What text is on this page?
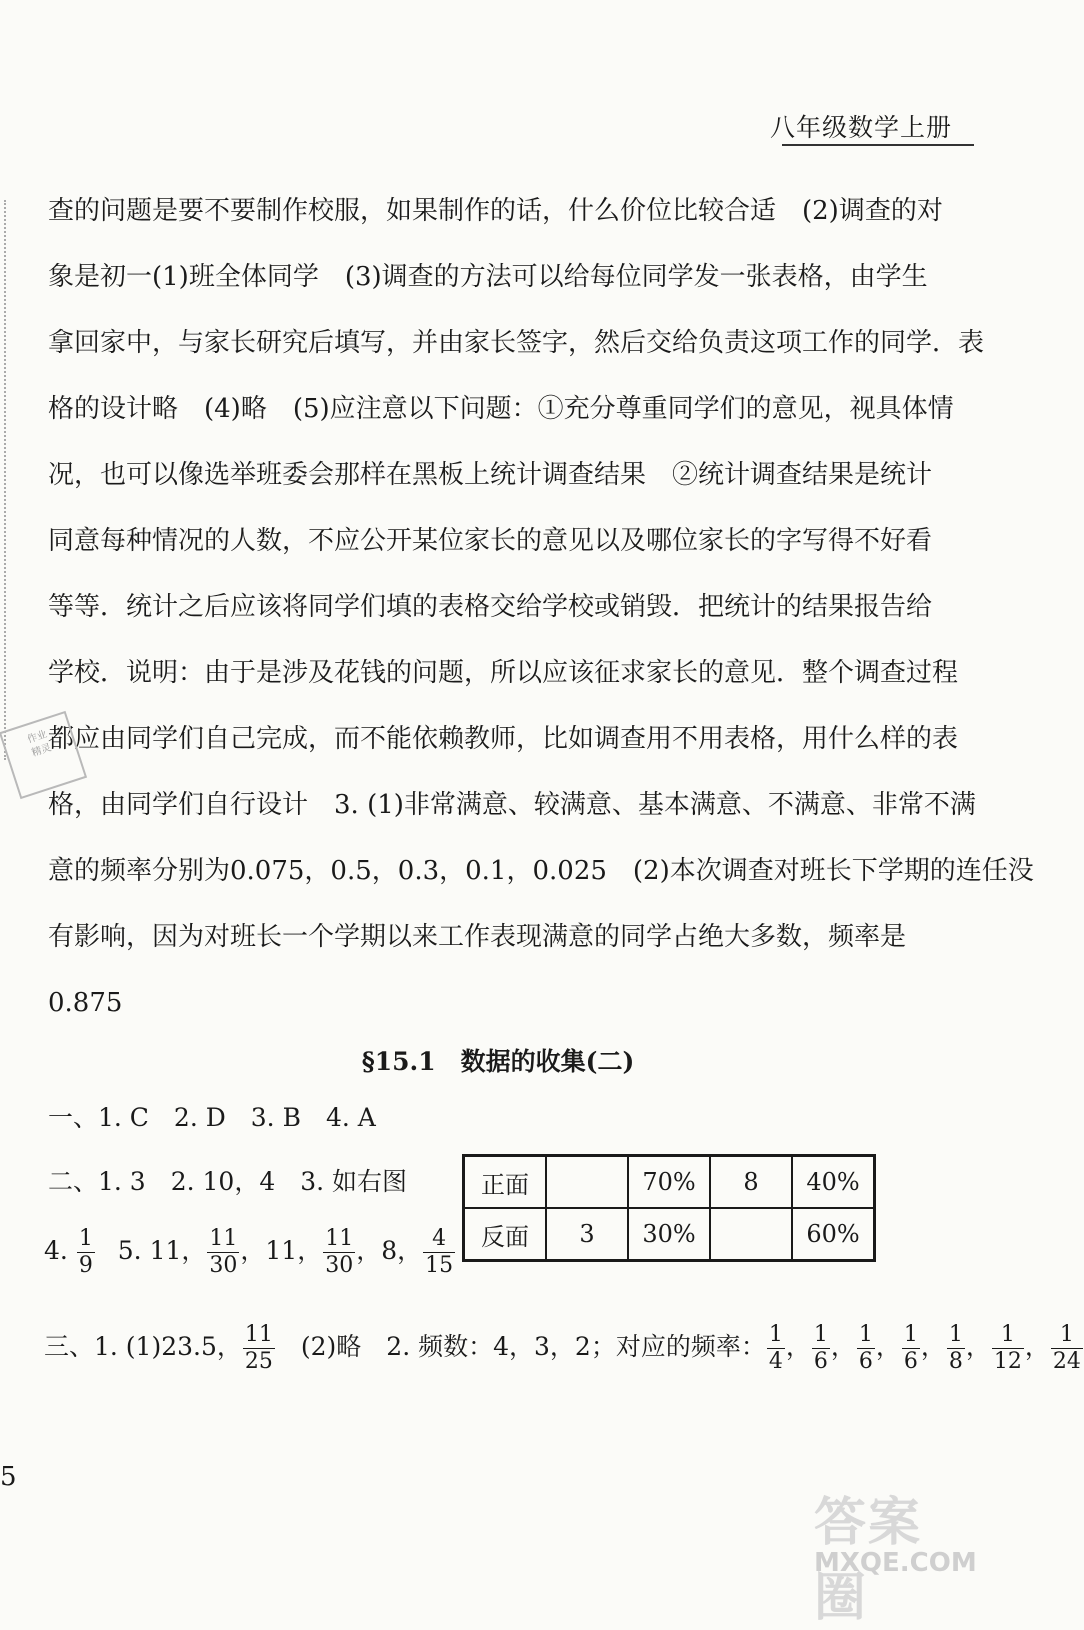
八年级数学上册
查的问题是要不要制作校服，如果制作的话，什么价位比较合适　(2)调查的对
象是初一(1)班全体同学　(3)调查的方法可以给每位同学发一张表格，由学生
拿回家中，与家长研究后填写，并由家长签字，然后交给负责这项工作的同学．表
格的设计略　(4)略　(5)应注意以下问题：①充分尊重同学们的意见，视具体情
况，也可以像选举班委会那样在黑板上统计调查结果　②统计调查结果是统计
同意每种情况的人数，不应公开某位家长的意见以及哪位家长的字写得不好看
等等．统计之后应该将同学们填的表格交给学校或销毁．把统计的结果报告给
学校．说明：由于是涉及花钱的问题，所以应该征求家长的意见．整个调查过程
都应由同学们自己完成，而不能依赖教师，比如调查用不用表格，用什么样的表
格，由同学们自行设计　3. (1)非常满意、较满意、基本满意、不满意、非常不满
意的频率分别为0.075，0.5，0.3，0.1，0.025　(2)本次调查对班长下学期的连任没
有影响，因为对班长一个学期以来工作表现满意的同学占绝大多数，频率是
0.875
作业
精灵
§15.1　数据的收集(二)
一、1. C　2. D　3. B　4. A
二、1. 3　2. 10，4　3. 如右图
4. $\frac{1}{9} 5$. 11， $\frac{11}{30}$ ，11， $\frac{11}{30}$ ，8， $\frac{4}{15}$
正面		70%	8	40%
反面	3	30%		60%
三、1. (1)23.5， $\frac{11}{25}$ 　(2)略　2. 频数：4，3，2；对应的频率： $\frac{1}{4}$ ， $\frac{1}{6}$ ， $\frac{1}{6}$ ， $\frac{1}{6}$ ， $\frac{1}{8}$ ， $\frac{1}{12}$ ， $\frac{1}{24}$
5
答案圈
MXQE.COM
